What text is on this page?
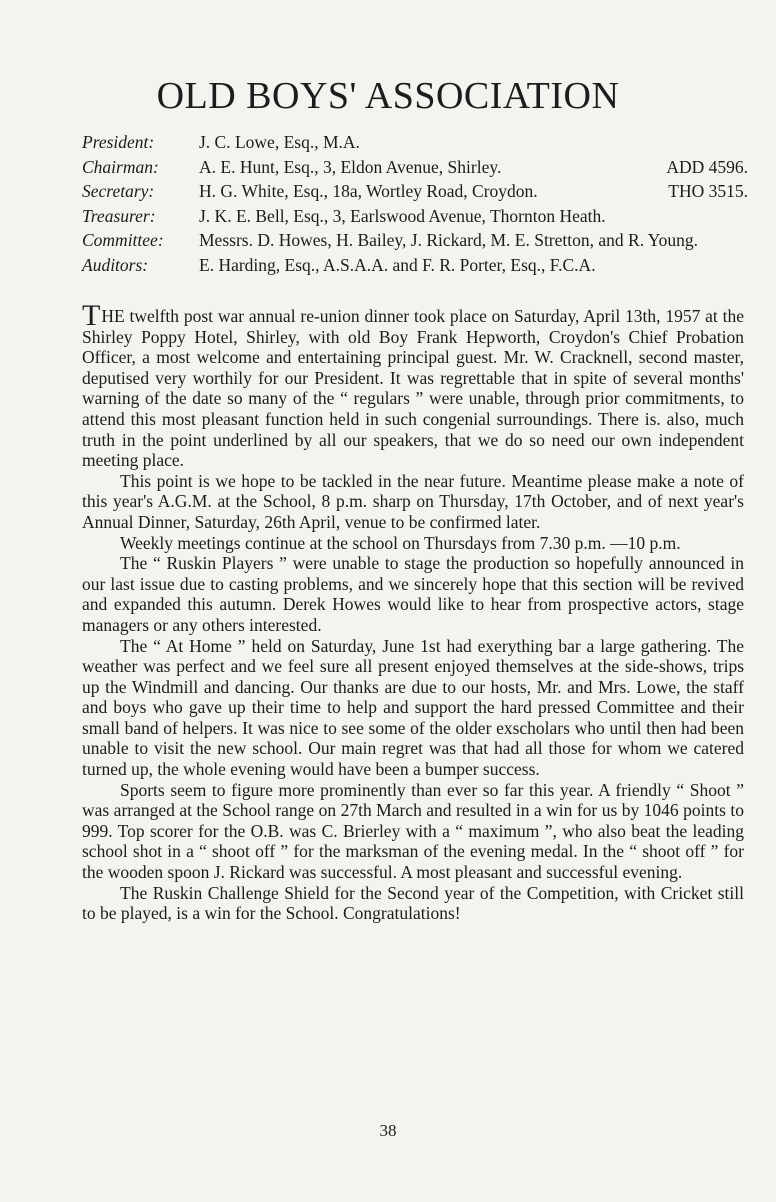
OLD BOYS' ASSOCIATION
President:	J. C. Lowe, Esq., M.A.
Chairman:	A. E. Hunt, Esq., 3, Eldon Avenue, Shirley.	ADD 4596.
Secretary:	H. G. White, Esq., 18a, Wortley Road, Croydon.	THO 3515.
Treasurer:	J. K. E. Bell, Esq., 3, Earlswood Avenue, Thornton Heath.
Committee:	Messrs. D. Howes, H. Bailey, J. Rickard, M. E. Stretton, and R. Young.
Auditors:	E. Harding, Esq., A.S.A.A. and F. R. Porter, Esq., F.C.A.

THE twelfth post war annual re-union dinner took place on Saturday, April 13th, 1957 at the Shirley Poppy Hotel, Shirley, with old Boy Frank Hepworth, Croydon's Chief Probation Officer, a most welcome and entertaining principal guest. Mr. W. Cracknell, second master, deputised very worthily for our President. It was regrettable that in spite of several months' warning of the date so many of the “ regulars ” were unable, through prior commitments, to attend this most pleasant function held in such congenial surroundings. There is. also, much truth in the point underlined by all our speakers, that we do so need our own independent meeting place.

This point is we hope to be tackled in the near future. Meantime please make a note of this year's A.G.M. at the School, 8 p.m. sharp on Thursday, 17th October, and of next year's Annual Dinner, Saturday, 26th April, venue to be confirmed later.

Weekly meetings continue at the school on Thursdays from 7.30 p.m. —10 p.m.

The “ Ruskin Players ” were unable to stage the production so hopefully announced in our last issue due to casting problems, and we sincerely hope that this section will be revived and expanded this autumn. Derek Howes would like to hear from prospective actors, stage managers or any others interested.

The “ At Home ” held on Saturday, June 1st had exerything bar a large gathering. The weather was perfect and we feel sure all present enjoyed themselves at the side-shows, trips up the Windmill and dancing. Our thanks are due to our hosts, Mr. and Mrs. Lowe, the staff and boys who gave up their time to help and support the hard pressed Committee and their small band of helpers. It was nice to see some of the older exscholars who until then had been unable to visit the new school. Our main regret was that had all those for whom we catered turned up, the whole evening would have been a bumper success.

Sports seem to figure more prominently than ever so far this year. A friendly “ Shoot ” was arranged at the School range on 27th March and resulted in a win for us by 1046 points to 999. Top scorer for the O.B. was C. Brierley with a “ maximum ”, who also beat the leading school shot in a “ shoot off ” for the marksman of the evening medal. In the “ shoot off ” for the wooden spoon J. Rickard was successful. A most pleasant and successful evening.

The Ruskin Challenge Shield for the Second year of the Competition, with Cricket still to be played, is a win for the School. Congratulations!

38
